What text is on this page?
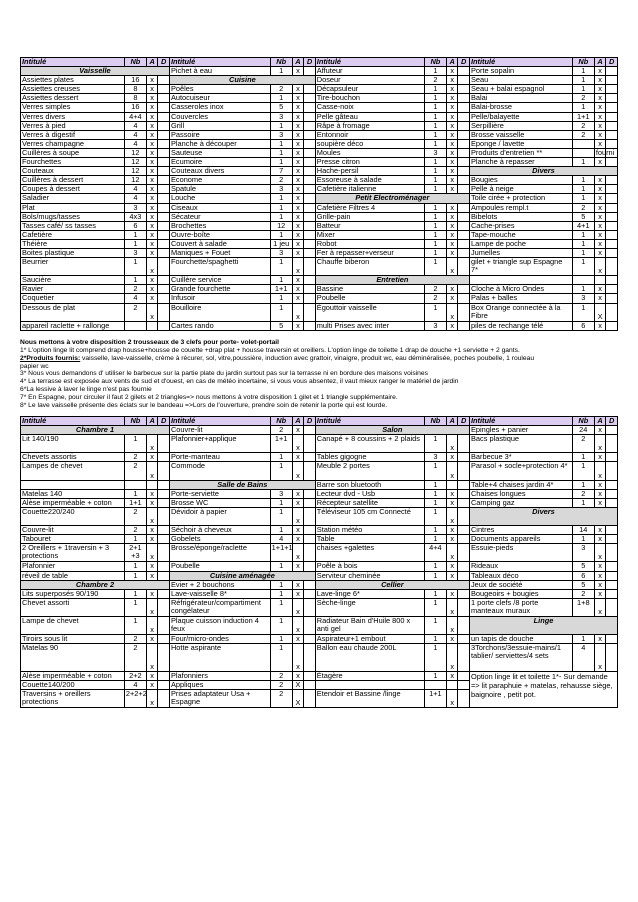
Intitulé	Nb	A	D	Intitulé	Nb	A	D	Intitulé	Nb	A	D	Intitulé	Nb	A	D
Vaisselle				Pichet à eau	1	x		Affuteur	1	x		Porte sopalin	1	x	
Assiettes plates	16	x		Cuisine				Doseur	2	x		Seau	1	x	
Assiettes creuses	8	x		Poêles	2	x		Décapsuleur	1	x		Seau + balai espagnol	1	x	
Assiettes dessert	8	x		Autocuiseur	1	x		Tire-bouchon	1	x		Balai	2	x	
Verres simples	16	x		Casseroles inox	5	x		Casse-noix	1	x		Balai-brosse	1	x	
Verres divers	4+4	x		Couvercles	3	x		Pelle gâteau	1	x		Pelle/balayette	1+1	x	
Verres à pied	4	x		Grill	1	x		Râpe à fromage	1	x		Serpillière	2	x	
Verres à digestif	4	x		Passoire	3	x		Entonnoir	1	x		Brosse vaisselle	2	x	
Verres champagne	4	x		Planche à découper	1	x		soupière déco	1	x		Eponge / lavette		x	
Cuillères à soupe	12	x		Sauteuse	1	x		Moules	3	x		Produits d'entretien **		fourni	
Fourchettes	12	x		Ecumoire	1	x		Presse citron	1	x		Planche à repasser	1	x	
Couteaux	12	x		Couteaux divers	7	x		Hache-persil	1	x		Divers			
Cuillères à dessert	12	x		Econome	2	x		Essoreuse à salade	1	x		Bougies	1	x	
Coupes à dessert	4	x		Spatule	3	x		Cafetière italienne	1	x		Pelle à neige	1	x	
Saladier	4	x		Louche	1	x		Petit Electroménager				Toile cirée + protection	1	x	
Plat	3	x		Ciseaux	1	x		Cafetière Filtres 4	1	x		Ampoules rempl.t	2	x	
Bols/mugs/tasses	4x3	x		Sécateur	1	x		Grille-pain	1	x		Bibelots	5	x	
Tasses café/ ss tasses	6	x		Brochettes	12	x		Batteur	1	x		Cache-prises	4+1	x	
Cafetière	1	x		Ouvre-boîte	1	x		Mixer	1	x		Tape-mouche	1	x	
Théière	1	x		Couvert à salade	1 jeu	x		Robot	1	x		Lampe de poche	1	x	
Boites plastique	3	x		Maniques + Fouet	3	x		Fer à repasser+verseur	1	x		Jumelles	1	x	
Beurrier	1	x		Fourchette/spaghetti	1	x		Chauffe biberon	1	x		gilet + triangle sup Espagne 7*	1	x	
Saucière	1	x		Cuillère service	1	x		Entretien							
Ravier	2	x		Grande fourchette	1+1	x		Bassine	2	x		Cloche à Micro Ondes	1	x	
Coquetier	4	x		Infusoir	1	x		Poubelle	2	x		Palas + balles	3	x	
Dessous de plat	2	x		Bouilloire	1	x		Égouttoir vaisselle	1	x		Box Orange connectée à la Fibre	1	X	
appareil raclette + rallonge				Cartes rando	5	x		multi Prises avec inter	3	x		piles de rechange télé	6	x	
Nous mettons à votre disposition 2 trousseaux de 3 clefs pour porte- volet-portail
1* L'option linge lit comprend drap housse+housse de couette +drap plat + housse traversin et oreillers. L'option linge de toilette 1 drap de douche +1 serviette + 2 gants.
2*Produits fournis: vaisselle, lave-vaisselle, crème à récurer, sol, vitre,poussière, induction avec grattoir, vinaigre, produit wc, eau déminéralisée, poches poubelle, 1 rouleau
papier wc
3* Nous vous demandons d' utiliser le barbecue sur la partie plate du jardin surtout pas sur la terrasse ni en bordure des maisons voisines
4* La terrasse est exposée aux vents de sud et d'ouest, en cas de météo incertaine, si vous vous absentez, il vaut mieux ranger le matériel de jardin
6*La lessive à laver le linge n'est pas fournie
7* En Espagne, pour circuler il faut 2 gilets et 2 triangles=> nous mettons à votre disposition 1 gilet et 1 triangle supplémentaire.
8* Le lave vaisselle présente des éclats sur le bandeau =>Lors de l'ouverture, prendre soin de retenir la porte qui est lourde.
Intitulé	Nb	A	D	Intitulé	Nb	A	D	Intitulé	Nb	A	D	Intitulé	Nb	A	D
Chambre 1				Couvre-lit	2	x		Salon				Epingles + panier	24	x	
Lit 140/190	1	x		Plafonnier+applique	1+1	x		Canapé + 8 coussins + 2 plaids	1	x		Bacs plastique	2	x	
Chevets assortis	2	x		Porte-manteau	1	x		Tables gigogne	3	x		Barbecue 3*	1	x	
Lampes de chevet	2	x		Commode	1	x		Meuble 2 portes	1	x		Parasol + socle+protection 4*	1	x	
				Salle de Bains				Barre son bluetooth	1			Table+4 chaises jardin 4*	1	x	
Matelas 140	1	x		Porte-serviette	3	x		Lecteur dvd - Usb	1	x		Chaises longues	2	x	
Alèse imperméable + coton	1+1	x		Brosse WC	1	x		Récepteur satellite	1	x		Camping gaz	1	x	
Couette220/240	2	x		Dévidoir à papier	1	x		Téléviseur 105 cm Connecté	1	x		Divers			
Couvre-lit	2	x		Séchoir à cheveux	1	x		Station météo	1	x		Cintres	14	x	
Tabouret	1	x		Gobelets	4	x		Table	1	x		Documents appareils	1	x	
2 Oreillers + 1traversin + 3 protections	2+1 +3	x		Brosse/éponge/raclette	1+1+1	x		chaises +galettes	4+4	x		Essuie-pieds	3	x	
Plafonnier	1	x		Poubelle	1	x		Poêle à bois	1	x		Rideaux	5	x	
réveil de table	1	x		Cuisine aménagée				Serviteur cheminée	1	x		Tableaux déco	6	x	
Chambre 2				Evier + 2 bouchons	1	x		Cellier				Jeux de société	5	x	
Lits superposés 90/190	1	x		Lave-vaisselle 8*	1	x		Lave-linge 6*	1	x		Bougeoirs + bougies	2	x	
Chevet assorti	1	x		Réfrigérateur/compartiment congélateur	1	x		Sèche-linge	1	x		1 porte clefs /8 porte manteaux muraux	1+8	x	
Lampe de chevet	1	x		Plaque cuisson induction 4 feux	1	x		Radiateur Bain d'Huile 800 x anti gel	1	x		Linge			
Tiroirs sous lit	2	x		Four/micro-ondes	1	x		Aspirateur+1 embout	1	x		un tapis de douche	1	x	
Matelas 90	2	x		Hotte aspirante	1	x		Ballon eau chaude 200L	1	x		3Torchons/3essuie-mains/1 tablier/ serviettes/4 sets	4	x	
Alèse imperméable + coton	2+2	x		Plafonniers	2	x		Étagère	1	x		Option linge lit et toilette 1*- Sur demande => lit paraphuie + matelas, rehausse siège, baignoire , petit pot.			
Couette140/200	4	x		Appliques	2	X									
Traversins + oreillers protections	2+2+2	x		Prises adaptateur Usa + Espagne	2	X		Etendoir et Bassine /linge	1+1	x					
